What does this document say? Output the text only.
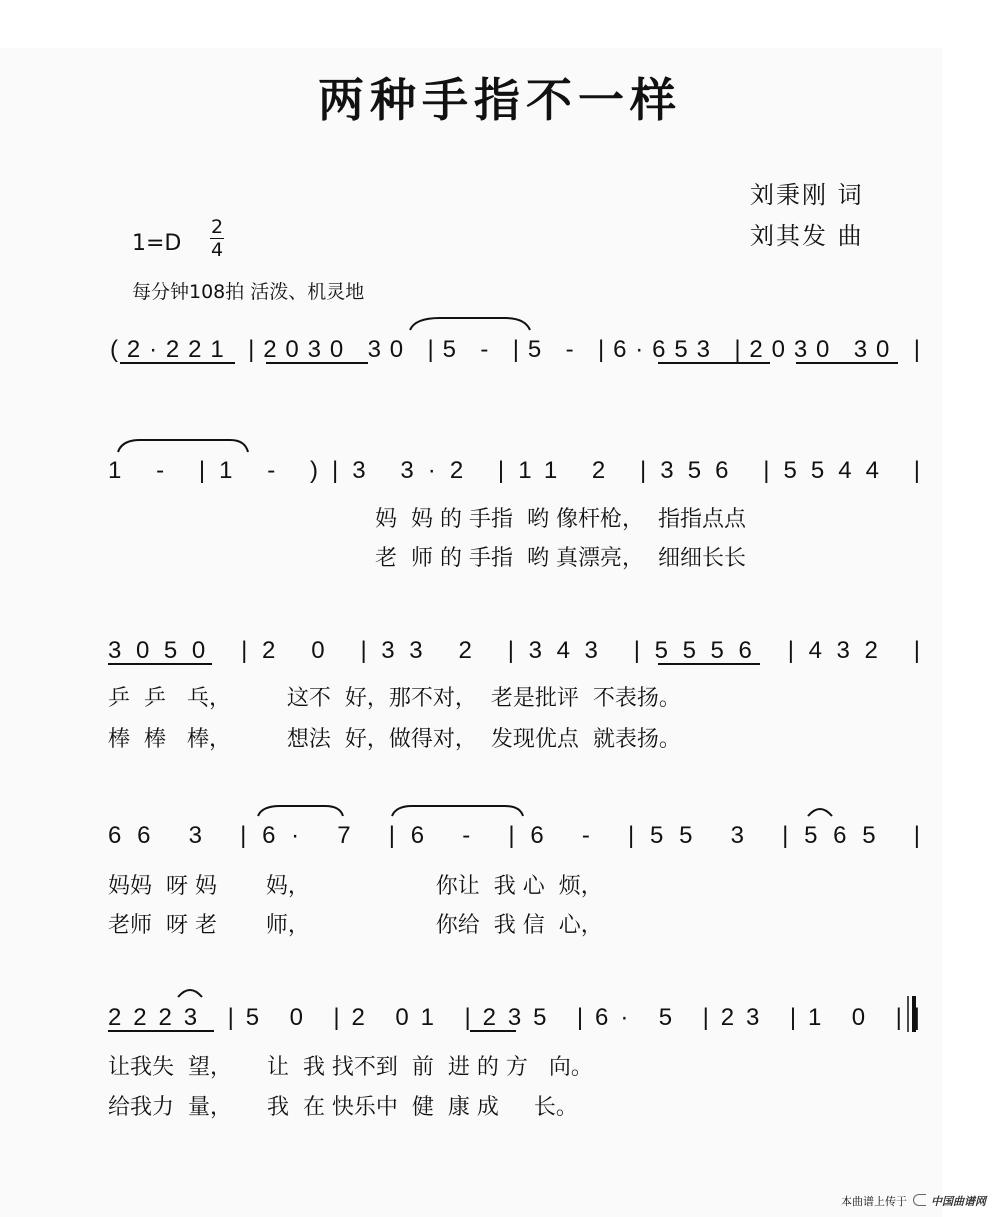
两种手指不一样
刘秉刚 词
刘其发 曲
1=D
2
4
每分钟108拍 活泼、机灵地
(2·221 |2030 30 |5 - |5 - |6·653 |2030 30 |
1 - |1 - )|3 3·2 |11 2 |356 |5544 |
3050 |2 0 |33 2 |343 |5556 |432 |
66 3 |6· 7 |6 - |6 - |55 3 |565 |
2223 |5 0 |2 01 |235 |6· 5 |23 |1 0 ||
妈  妈 的 手指  哟 像杆枪，  指指点点
老  师 的 手指  哟 真漂亮，  细细长长
乒  乒   乓，        这不  好，那不对，  老是批评  不表扬。
棒  棒   棒，        想法  好，做得对，  发现优点  就表扬。
妈妈  呀 妈       妈，                  你让  我 心  烦，
老师  呀 老       师，                  你给  我 信  心，
让我失  望，     让  我 找不到  前  进 的 方   向。
给我力  量，     我  在 快乐中  健  康 成     长。
本曲谱上传于 中国曲谱网
